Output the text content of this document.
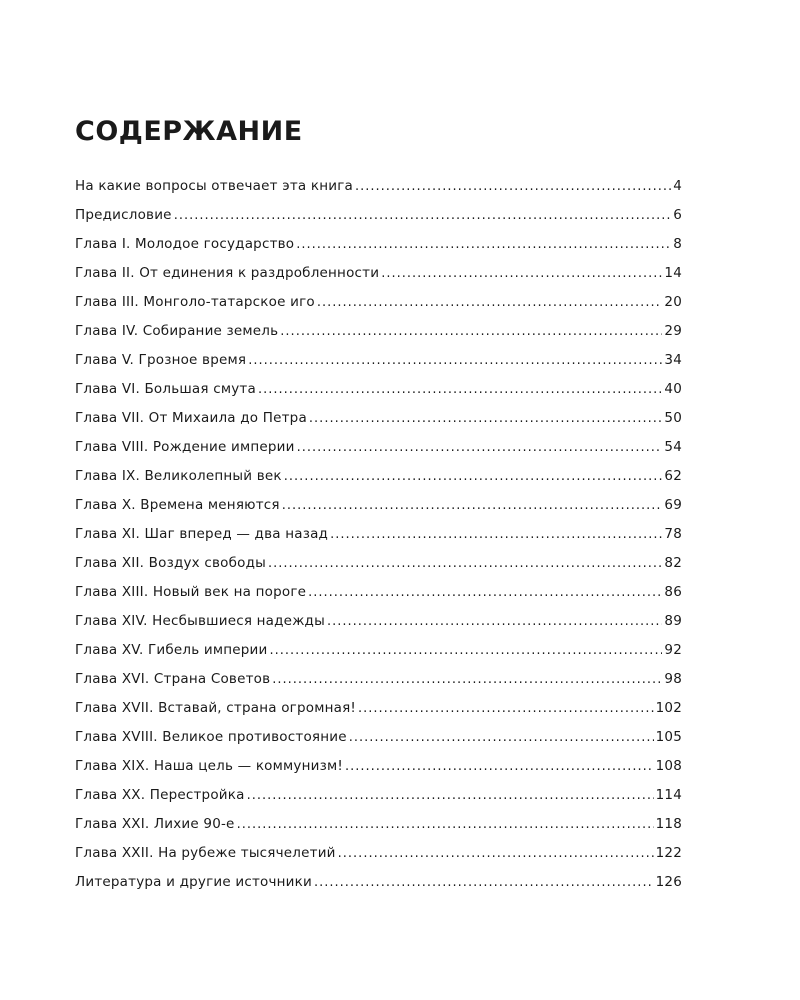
СОДЕРЖАНИЕ
На какие вопросы отвечает эта книга .....	4
Предисловие .....	6
Глава I. Молодое государство .....	8
Глава II. От единения к раздробленности .....	14
Глава III. Монголо-татарское иго .....	20
Глава IV. Собирание земель .....	29
Глава V. Грозное время .....	34
Глава VI. Большая смута .....	40
Глава VII. От Михаила до Петра .....	50
Глава VIII. Рождение империи .....	54
Глава IX. Великолепный век .....	62
Глава X. Времена меняются .....	69
Глава XI. Шаг вперед — два назад .....	78
Глава XII. Воздух свободы .....	82
Глава XIII. Новый век на пороге .....	86
Глава XIV. Несбывшиеся надежды .....	89
Глава XV. Гибель империи .....	92
Глава XVI. Страна Советов .....	98
Глава XVII. Вставай, страна огромная! .....	102
Глава XVIII. Великое противостояние .....	105
Глава XIX. Наша цель — коммунизм! .....	108
Глава XX. Перестройка .....	114
Глава XXI. Лихие 90-е .....	118
Глава XXII. На рубеже тысячелетий .....	122
Литература и другие источники .....	126
